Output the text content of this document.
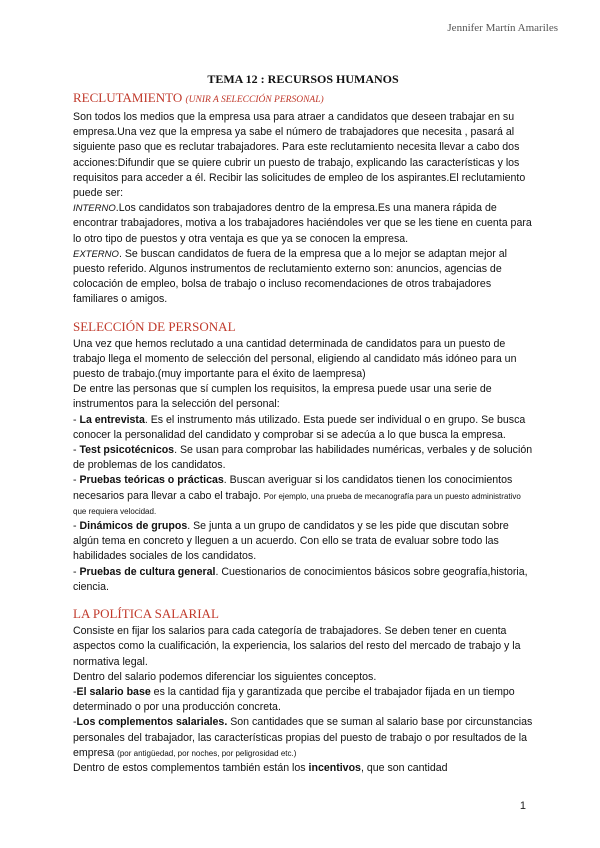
Jennifer Martín Amariles
TEMA 12 : RECURSOS HUMANOS
RECLUTAMIENTO (UNIR A SELECCIÓN PERSONAL)

Son todos los medios que la empresa usa para atraer a candidatos que deseen trabajar en su empresa.Una vez que la empresa ya sabe el número de trabajadores que necesita , pasará al siguiente paso que es reclutar trabajadores. Para este reclutamiento necesita llevar a cabo dos acciones:Difundir que se quiere cubrir un puesto de trabajo, explicando las características y los requisitos para acceder a él. Recibir las solicitudes de empleo de los aspirantes.El reclutamiento puede ser:

INTERNO.Los candidatos son trabajadores dentro de la empresa.Es una manera rápida de encontrar trabajadores, motiva a los trabajadores haciéndoles ver que se les tiene en cuenta para lo otro tipo de puestos y otra ventaja es que ya se conocen la empresa.

EXTERNO. Se buscan candidatos de fuera de la empresa que a lo mejor se adaptan mejor al puesto referido. Algunos instrumentos de reclutamiento externo son: anuncios, agencias de colocación de empleo, bolsa de trabajo o incluso recomendaciones de otros trabajadores familiares o amigos.

SELECCIÓN DE PERSONAL

Una vez que hemos reclutado a una cantidad determinada de candidatos para un puesto de trabajo llega el momento de selección del personal, eligiendo al candidato más idóneo para un puesto de trabajo.(muy importante para el éxito de laempresa)

De entre las personas que sí cumplen los requisitos, la empresa puede usar una serie de instrumentos para la selección del personal:

- La entrevista. Es el instrumento más utilizado. Esta puede ser individual o en grupo. Se busca conocer la personalidad del candidato y comprobar si se adecúa a lo que busca la empresa.

- Test psicotécnicos. Se usan para comprobar las habilidades numéricas, verbales y de solución de problemas de los candidatos.

- Pruebas teóricas o prácticas. Buscan averiguar si los candidatos tienen los conocimientos necesarios para llevar a cabo el trabajo. Por ejemplo, una prueba de mecanografía para un puesto administrativo que requiera velocidad.

- Dinámicos de grupos. Se junta a un grupo de candidatos y se les pide que discutan sobre algún tema en concreto y lleguen a un acuerdo. Con ello se trata de evaluar sobre todo las habilidades sociales de los candidatos.

- Pruebas de cultura general. Cuestionarios de conocimientos básicos sobre geografía,historia, ciencia.

LA POLÍTICA SALARIAL

Consiste en fijar los salarios para cada categoría de trabajadores. Se deben tener en cuenta aspectos como la cualificación, la experiencia, los salarios del resto del mercado de trabajo y la normativa legal.

Dentro del salario podemos diferenciar los siguientes conceptos.

-El salario base es la cantidad fija y garantizada que percibe el trabajador fijada en un tiempo determinado o por una producción concreta.

-Los complementos salariales. Son cantidades que se suman al salario base por circunstancias personales del trabajador, las características propias del puesto de trabajo o por resultados de la empresa (por antigüedad, por noches, por peligrosidad etc.)

Dentro de estos complementos también están los incentivos, que son cantidad

1
